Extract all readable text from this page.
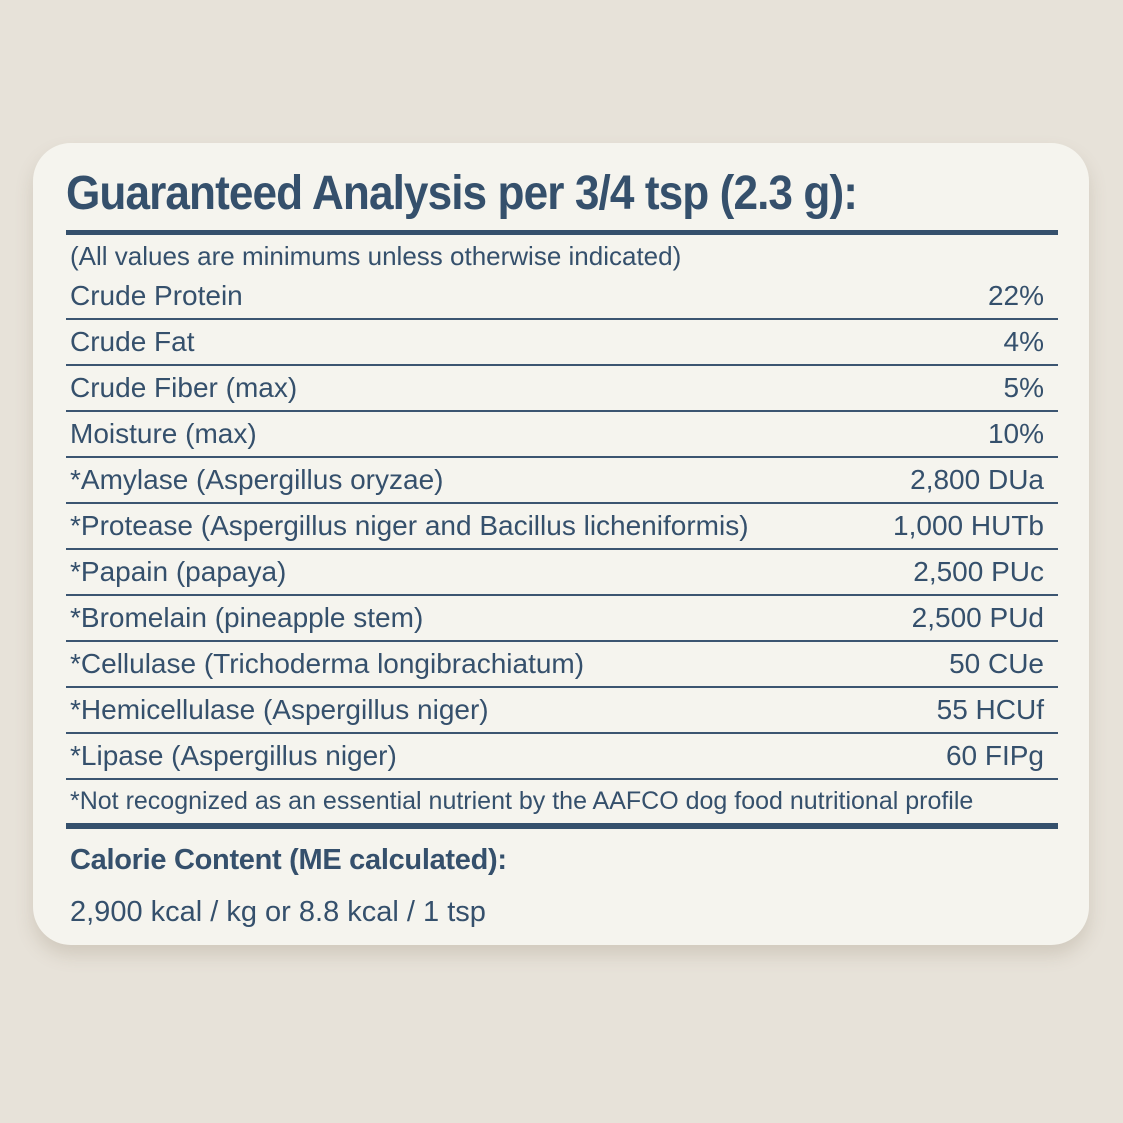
Guaranteed Analysis per 3/4 tsp (2.3 g):
(All values are minimums unless otherwise indicated)
Crude Protein	22%
Crude Fat	4%
Crude Fiber (max)	5%
Moisture (max)	10%
*Amylase (Aspergillus oryzae)	2,800 DUa
*Protease (Aspergillus niger and Bacillus licheniformis)	1,000 HUTb
*Papain (papaya)	2,500 PUc
*Bromelain (pineapple stem)	2,500 PUd
*Cellulase (Trichoderma longibrachiatum)	50 CUe
*Hemicellulase (Aspergillus niger)	55 HCUf
*Lipase (Aspergillus niger)	60 FIPg
*Not recognized as an essential nutrient by the AAFCO dog food nutritional profile
Calorie Content (ME calculated):
2,900 kcal / kg or 8.8 kcal / 1 tsp
